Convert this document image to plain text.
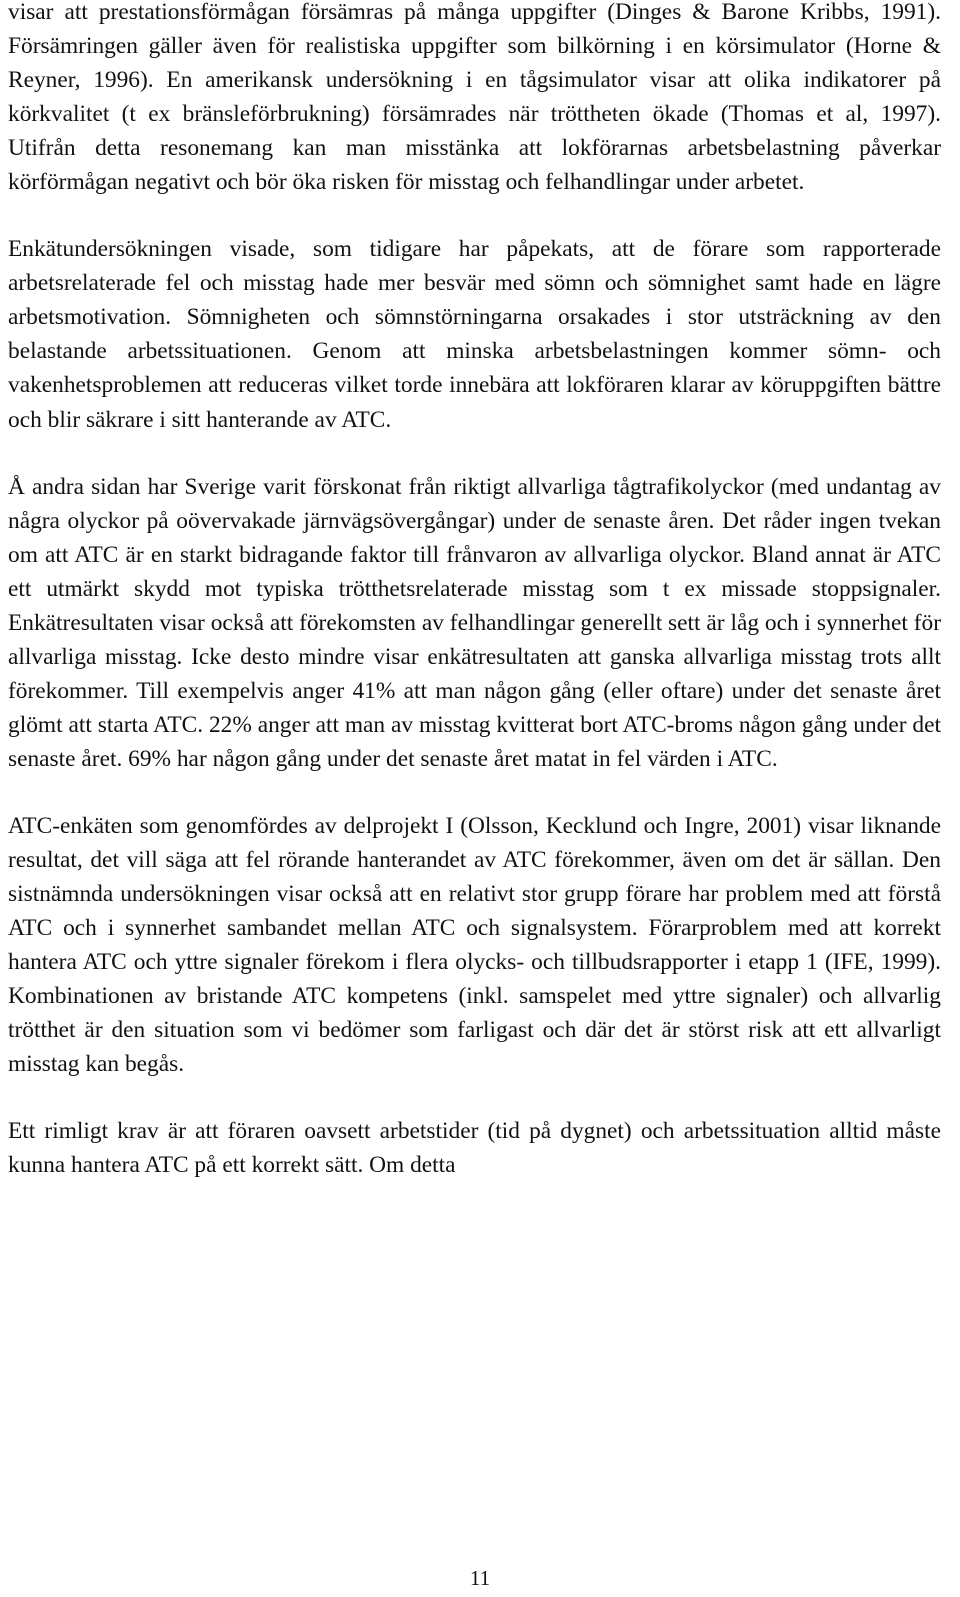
visar att prestationsförmågan försämras på många uppgifter (Dinges & Barone Kribbs, 1991). Försämringen gäller även för realistiska uppgifter som bilkörning i en körsimulator (Horne & Reyner, 1996). En amerikansk undersökning i en tågsimulator visar att olika indikatorer på körkvalitet (t ex bränsleförbrukning) försämrades när tröttheten ökade (Thomas et al, 1997). Utifrån detta resonemang kan man misstänka att lokförarnas arbetsbelastning påverkar körförmågan negativt och bör öka risken för misstag och felhandlingar under arbetet.

Enkätundersökningen visade, som tidigare har påpekats, att de förare som rapporterade arbetsrelaterade fel och misstag hade mer besvär med sömn och sömnighet samt hade en lägre arbetsmotivation. Sömnigheten och sömnstörningarna orsakades i stor utsträckning av den belastande arbetssituationen. Genom att minska arbetsbelastningen kommer sömn- och vakenhetsproblemen att reduceras vilket torde innebära att lokföraren klarar av köruppgiften bättre och blir säkrare i sitt hanterande av ATC.

Å andra sidan har Sverige varit förskonat från riktigt allvarliga tågtrafikolyckor (med undantag av några olyckor på oövervakade järnvägsövergångar) under de senaste åren. Det råder ingen tvekan om att ATC är en starkt bidragande faktor till frånvaron av allvarliga olyckor. Bland annat är ATC ett utmärkt skydd mot typiska trötthetsrelaterade misstag som t ex missade stoppsignaler. Enkätresultaten visar också att förekomsten av felhandlingar generellt sett är låg och i synnerhet för allvarliga misstag. Icke desto mindre visar enkätresultaten att ganska allvarliga misstag trots allt förekommer. Till exempelvis anger 41% att man någon gång (eller oftare) under det senaste året glömt att starta ATC. 22% anger att man av misstag kvitterat bort ATC-broms någon gång under det senaste året. 69% har någon gång under det senaste året matat in fel värden i ATC.

ATC-enkäten som genomfördes av delprojekt I (Olsson, Kecklund och Ingre, 2001) visar liknande resultat, det vill säga att fel rörande hanterandet av ATC förekommer, även om det är sällan. Den sistnämnda undersökningen visar också att en relativt stor grupp förare har problem med att förstå ATC och i synnerhet sambandet mellan ATC och signalsystem. Förarproblem med att korrekt hantera ATC och yttre signaler förekom i flera olycks- och tillbudsrapporter i etapp 1 (IFE, 1999). Kombinationen av bristande ATC kompetens (inkl. samspelet med yttre signaler) och allvarlig trötthet är den situation som vi bedömer som farligast och där det är störst risk att ett allvarligt misstag kan begås.

Ett rimligt krav är att föraren oavsett arbetstider (tid på dygnet) och arbetssituation alltid måste kunna hantera ATC på ett korrekt sätt. Om detta

11
